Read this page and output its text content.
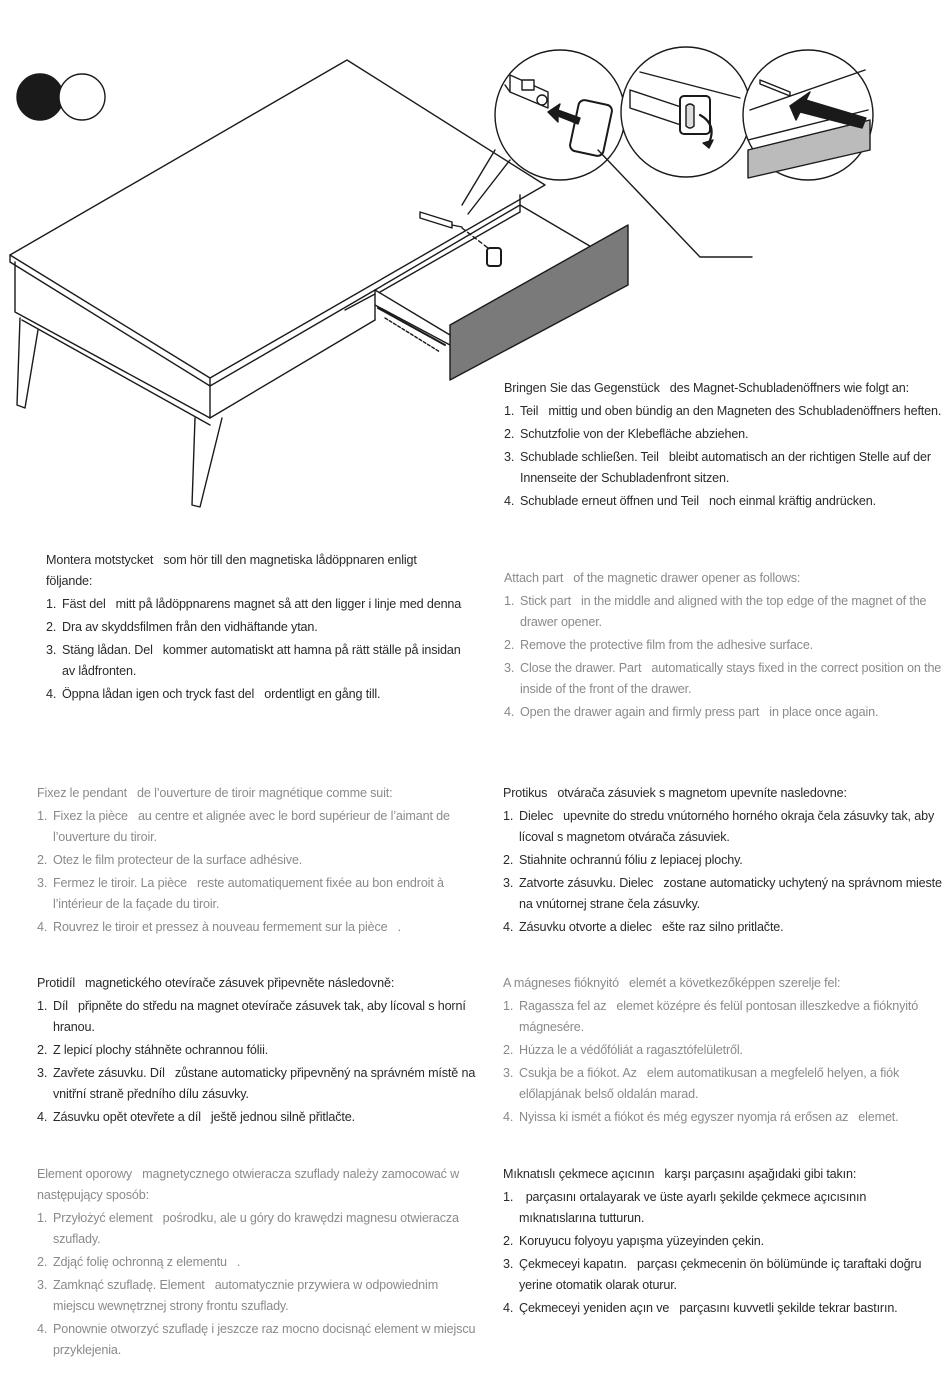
Bringen Sie das Gegenstück   des Magnet-Schubladenöffners wie folgt an:

1. Teil   mittig und oben bündig an den Magneten des Schubladenöffners heften.
2. Schutzfolie von der Klebefläche abziehen.
3. Schublade schließen. Teil   bleibt automatisch an der richtigen Stelle auf der Innenseite der Schubladenfront sitzen.
4. Schublade erneut öffnen und Teil   noch einmal kräftig andrücken.

Montera motstycket   som hör till den magnetiska lådöppnaren enligt följande:

1. Fäst del   mitt på lådöppnarens magnet så att den ligger i linje med denna
2. Dra av skyddsfilmen från den vidhäftande ytan.
3. Stäng lådan. Del   kommer automatiskt att hamna på rätt ställe på insidan av lådfronten.
4. Öppna lådan igen och tryck fast del   ordentligt en gång till.

Attach part   of the magnetic drawer opener as follows:

1. Stick part   in the middle and aligned with the top edge of the magnet of the drawer opener.
2. Remove the protective film from the adhesive surface.
3. Close the drawer. Part   automatically stays fixed in the correct position on the inside of the front of the drawer.
4. Open the drawer again and firmly press part   in place once again.

Fixez le pendant   de l’ouverture de tiroir magnétique comme suit:

1. Fixez la pièce   au centre et alignée avec le bord supérieur de l’aimant de l’ouverture du tiroir.
2. Otez le film protecteur de la surface adhésive.
3. Fermez le tiroir. La pièce   reste automatiquement fixée au bon endroit à l’intérieur de la façade du tiroir.
4. Rouvrez le tiroir et pressez à nouveau fermement sur la pièce   .

Protikus   otvárača zásuviek s magnetom upevníte nasledovne:

1. Dielec   upevnite do stredu vnútorného horného okraja čela zásuvky tak, aby lícoval s magnetom otvárača zásuviek.
2. Stiahnite ochrannú fóliu z lepiacej plochy.
3. Zatvorte zásuvku. Dielec   zostane automaticky uchytený na správnom mieste na vnútornej strane čela zásuvky.
4. Zásuvku otvorte a dielec   ešte raz silno pritlačte.

Protidíl   magnetického otevírače zásuvek připevněte následovně:

1. Díl   připněte do středu na magnet otevírače zásuvek tak, aby lícoval s horní hranou.
2. Z lepicí plochy stáhněte ochrannou fólii.
3. Zavřete zásuvku. Díl   zůstane automaticky připevněný na správném místě na vnitřní straně předního dílu zásuvky.
4. Zásuvku opět otevřete a díl   ještě jednou silně přitlačte.

A mágneses fióknyitó   elemét a következőképpen szerelje fel:

1. Ragassza fel az   elemet középre és felül pontosan illeszkedve a fióknyitó mágnesére.
2. Húzza le a védőfóliát a ragasztófelületről.
3. Csukja be a fiókot. Az   elem automatikusan a megfelelő helyen, a fiók előlapjának belső oldalán marad.
4. Nyissa ki ismét a fiókot és még egyszer nyomja rá erősen az   elemet.

Element oporowy   magnetycznego otwieracza szuflady należy zamocować w następujący sposób:

1. Przyłożyć element   pośrodku, ale u góry do krawędzi magnesu otwieracza szuflady.
2. Zdjąć folię ochronną z elementu   .
3. Zamknąć szufladę. Element   automatycznie przywiera w odpowiednim miejscu wewnętrznej strony frontu szuflady.
4. Ponownie otworzyć szufladę i jeszcze raz mocno docisnąć element w miejscu przyklejenia.

Mıknatıslı çekmece açıcının   karşı parçasını aşağıdaki gibi takın:

1. parçasını ortalayarak ve üste ayarlı şekilde çekmece açıcısının mıknatıslarına tutturun.
2. Koruyucu folyoyu yapışma yüzeyinden çekin.
3. Çekmeceyi kapatın.   parçası çekmecenin ön bölümünde iç taraftaki doğru yerine otomatik olarak oturur.
4. Çekmeceyi yeniden açın ve   parçasını kuvvetli şekilde tekrar bastırın.
